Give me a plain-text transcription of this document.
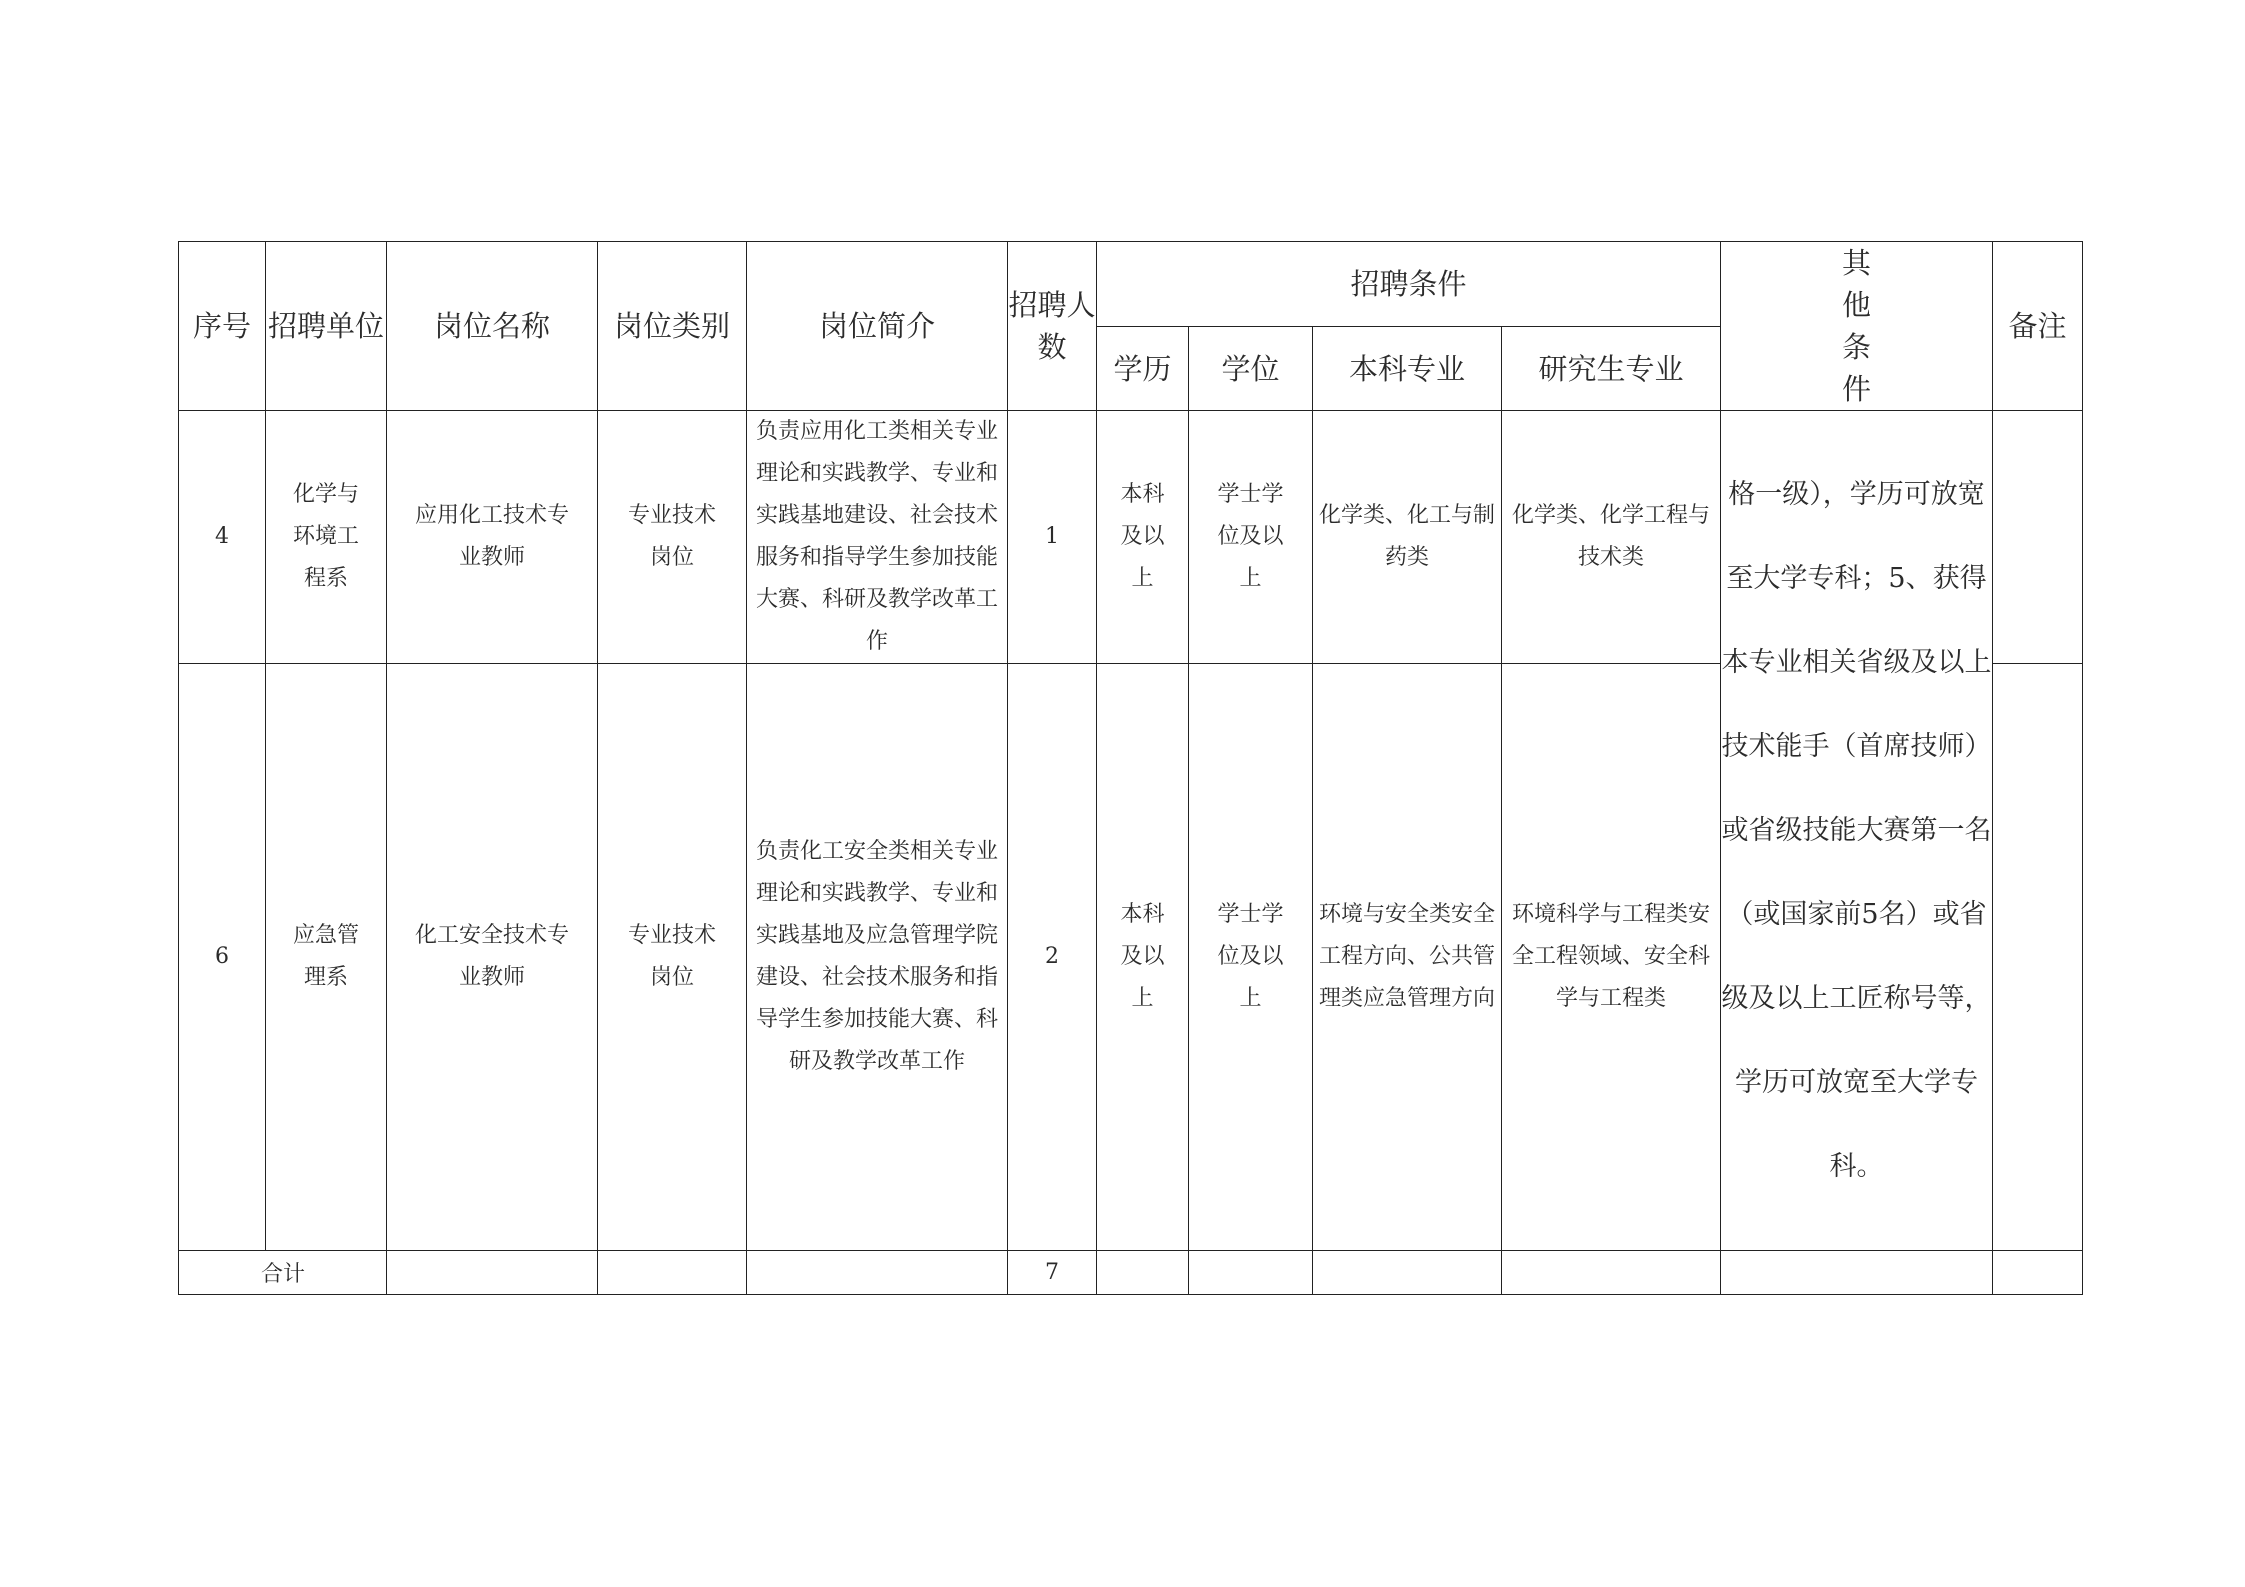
序号	招聘单位	岗位名称	岗位类别	岗位简介	招聘人数	招聘条件				其他条件	备注
						学历	学位	本科专业	研究生专业		
4	化学与环境工程系	应用化工技术专业教师	专业技术岗位	负责应用化工类相关专业理论和实践教学、专业和实践基地建设、社会技术服务和指导学生参加技能大赛、科研及教学改革工作	1	本科及以上	学士学位及以上	化学类、化工与制药类	化学类、化学工程与技术类	格一级），学历可放宽至大学专科；5、获得本专业相关省级及以上技术能手（首席技师）或省级技能大赛第一名（或国家前5名）或省级及以上工匠称号等，学历可放宽至大学专科。	
6	应急管理系	化工安全技术专业教师	专业技术岗位	负责化工安全类相关专业理论和实践教学、专业和实践基地及应急管理学院建设、社会技术服务和指导学生参加技能大赛、科研及教学改革工作	2	本科及以上	学士学位及以上	环境与安全类安全工程方向、公共管理类应急管理方向	环境科学与工程类安全工程领域、安全科学与工程类		
合计					7						
